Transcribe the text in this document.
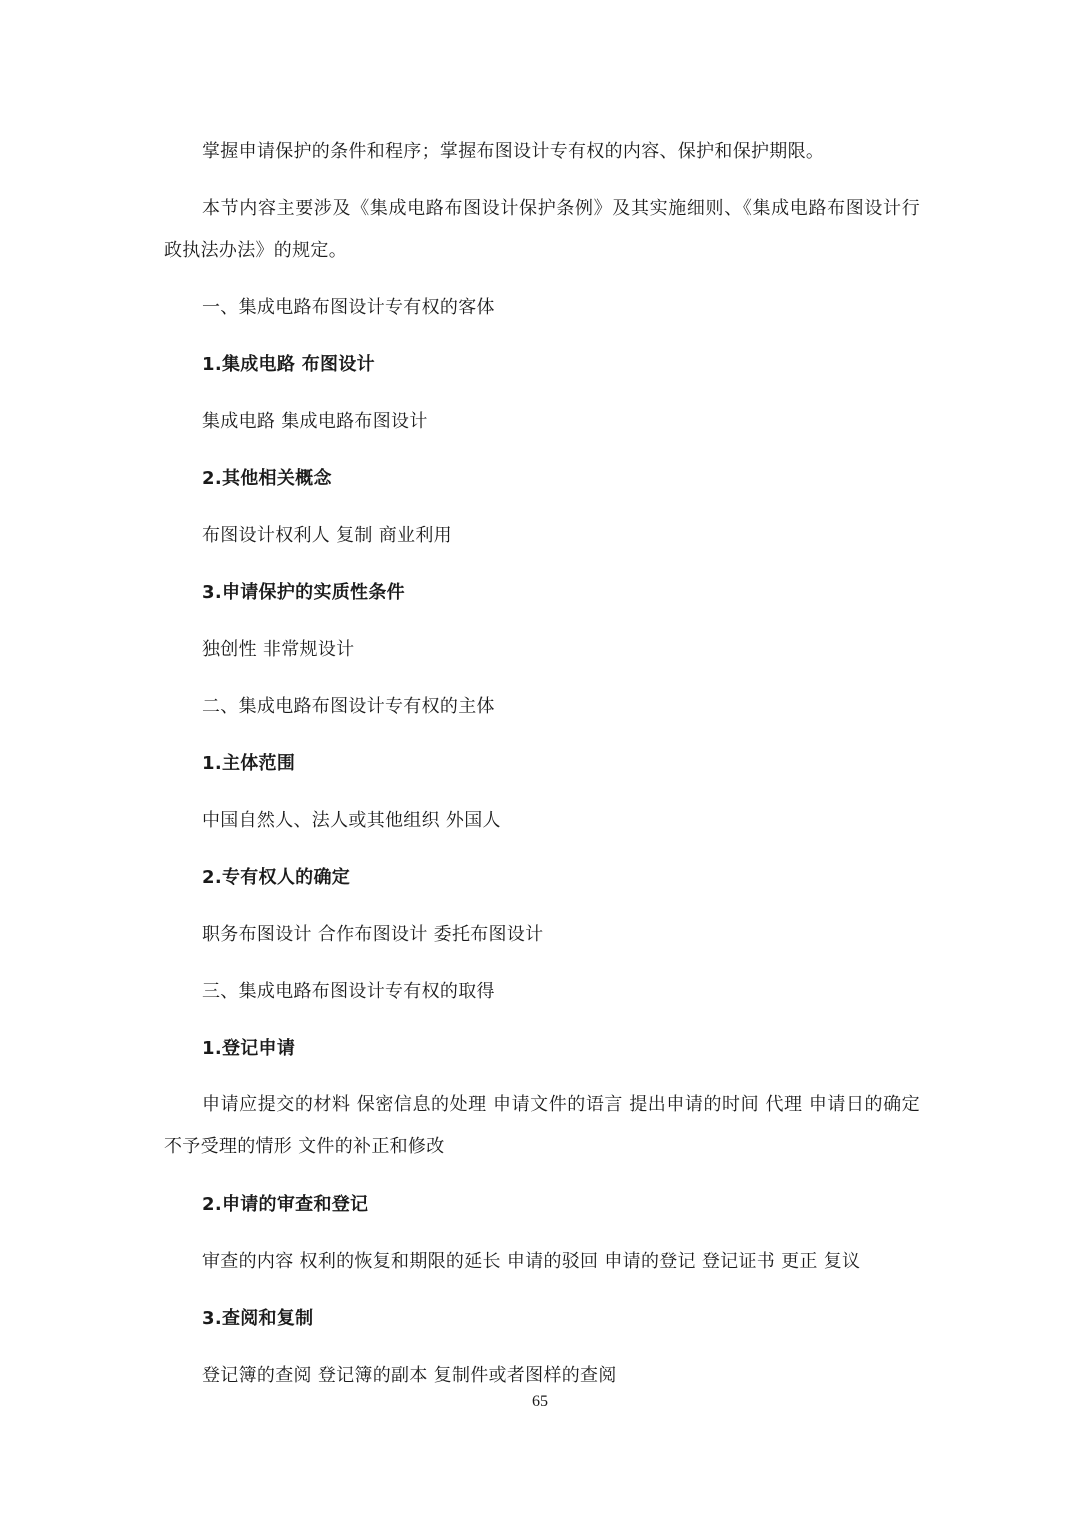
掌握申请保护的条件和程序；掌握布图设计专有权的内容、保护和保护期限。
本节内容主要涉及《集成电路布图设计保护条例》及其实施细则、《集成电路布图设计行政执法办法》的规定。
一、集成电路布图设计专有权的客体
1.集成电路 布图设计
集成电路 集成电路布图设计
2.其他相关概念
布图设计权利人 复制 商业利用
3.申请保护的实质性条件
独创性 非常规设计
二、集成电路布图设计专有权的主体
1.主体范围
中国自然人、法人或其他组织 外国人
2.专有权人的确定
职务布图设计 合作布图设计 委托布图设计
三、集成电路布图设计专有权的取得
1.登记申请
申请应提交的材料 保密信息的处理 申请文件的语言 提出申请的时间 代理 申请日的确定 不予受理的情形 文件的补正和修改
2.申请的审查和登记
审查的内容 权利的恢复和期限的延长 申请的驳回 申请的登记 登记证书 更正 复议
3.查阅和复制
登记簿的查阅 登记簿的副本 复制件或者图样的查阅
65
